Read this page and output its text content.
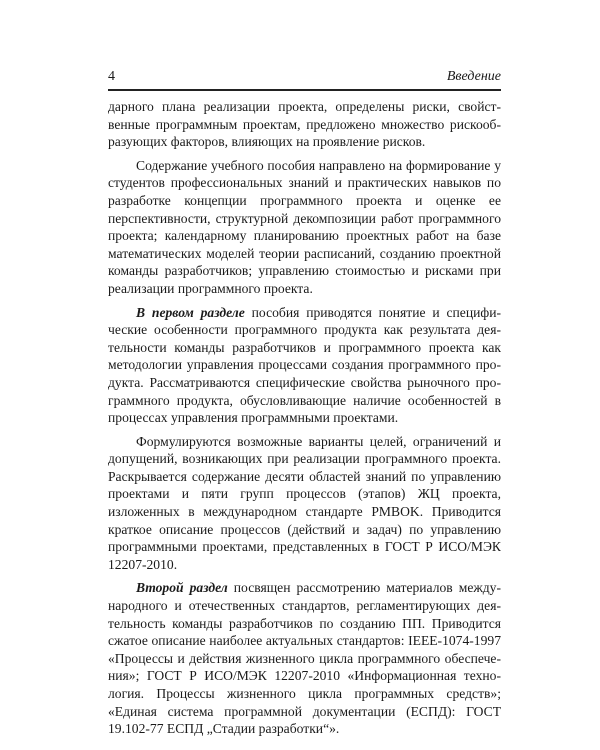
4	Введение

дарного плана реализации проекта, определены риски, свойственные программным проектам, предложено множество рискообразующих факторов, влияющих на проявление рисков.

Содержание учебного пособия направлено на формирование у студентов профессиональных знаний и практических навыков по разработке концепции программного проекта и оценке ее перспективности, структурной декомпозиции работ программного проекта; календарному планированию проектных работ на базе математических моделей теории расписаний, созданию проектной команды разработчиков; управлению стоимостью и рисками при реализации программного проекта.

В первом разделе пособия приводятся понятие и специфические особенности программного продукта как результата деятельности команды разработчиков и программного проекта как методологии управления процессами создания программного продукта. Рассматриваются специфические свойства рыночного программного продукта, обусловливающие наличие особенностей в процессах управления программными проектами.

Формулируются возможные варианты целей, ограничений и допущений, возникающих при реализации программного проекта. Раскрывается содержание десяти областей знаний по управлению проектами и пяти групп процессов (этапов) ЖЦ проекта, изложенных в международном стандарте PMBOK. Приводится краткое описание процессов (действий и задач) по управлению программными проектами, представленных в ГОСТ Р ИСО/МЭК 12207-2010.

Второй раздел посвящен рассмотрению материалов международного и отечественных стандартов, регламентирующих деятельность команды разработчиков по созданию ПП. Приводится сжатое описание наиболее актуальных стандартов: IEEE-1074-1997 «Процессы и действия жизненного цикла программного обеспечения»; ГОСТ Р ИСО/МЭК 12207-2010 «Информационная технология. Процессы жизненного цикла программных средств»; «Единая система программной документации (ЕСПД): ГОСТ 19.102-77 ЕСПД „Стадии разработки“».
